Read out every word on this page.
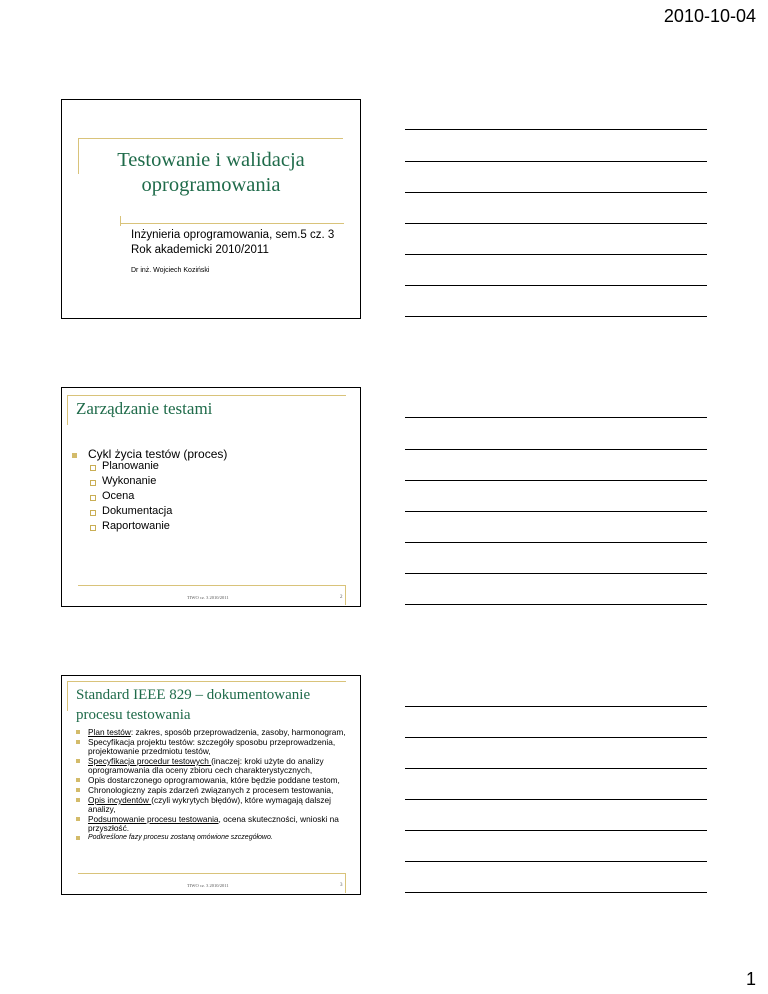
2010-10-04
Testowanie i walidacja
oprogramowania
Inżynieria oprogramowania, sem.5 cz. 3
Rok akademicki 2010/2011
Dr inż. Wojciech Koziński
Zarządzanie testami
Cykl życia testów (proces)
Planowanie
Wykonanie
Ocena
Dokumentacja
Raportowanie
TIWO cz. 3 2010/2011	2
Standard IEEE 829 – dokumentowanie procesu testowania
Plan testów: zakres, sposób przeprowadzenia, zasoby, harmonogram,
Specyfikacja projektu testów: szczegóły sposobu przeprowadzenia, projektowanie przedmiotu testów,
Specyfikacja procedur testowych (inaczej: kroki użyte do analizy oprogramowania dla oceny zbioru cech charakterystycznych,
Opis dostarczonego oprogramowania, które będzie poddane testom,
Chronologiczny zapis zdarzeń związanych z procesem testowania,
Opis incydentów (czyli wykrytych błędów), które wymagają dalszej analizy,
Podsumowanie procesu testowania, ocena skuteczności, wnioski na przyszłość.
Podkreślone fazy procesu zostaną omówione szczegółowo.
TIWO cz. 3 2010/2011	3
1
